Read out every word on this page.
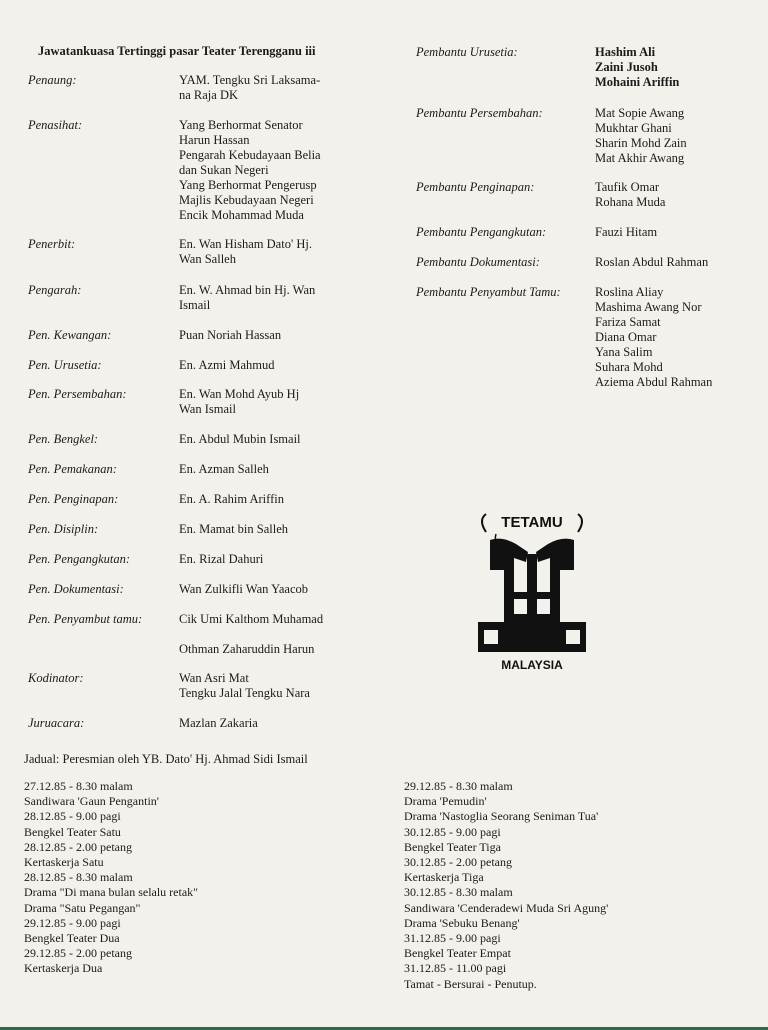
Jawatankuasa Tertinggi pasar Teater Terengganu iii
Penaung:	YAM. Tengku Sri Laksama-
na Raja DK
Penasihat:	Yang Berhormat Senator
Harun Hassan
Pengarah Kebudayaan Belia
dan Sukan Negeri
Yang Berhormat Pengerusp
Majlis Kebudayaan Negeri
Encik Mohammad Muda
Penerbit:	En. Wan Hisham Dato' Hj.
Wan Salleh
Pengarah:	En. W. Ahmad bin Hj. Wan
Ismail
Pen. Kewangan:	Puan Noriah Hassan
Pen. Urusetia:	En. Azmi Mahmud
Pen. Persembahan:	En. Wan Mohd Ayub Hj
Wan Ismail
Pen. Bengkel:	En. Abdul Mubin Ismail
Pen. Pemakanan:	En. Azman Salleh
Pen. Penginapan:	En. A. Rahim Ariffin
Pen. Disiplin:	En. Mamat bin Salleh
Pen. Pengangkutan:	En. Rizal Dahuri
Pen. Dokumentasi:	Wan Zulkifli Wan Yaacob
Pen. Penyambut tamu:	Cik Umi Kalthom Muhamad
Othman Zaharuddin Harun
Kodinator:	Wan Asri Mat
Tengku Jalal Tengku Nara
Juruacara:	Mazlan Zakaria
Pembantu Urusetia:	Hashim Ali
Zaini Jusoh
Mohaini Ariffin
Pembantu Persembahan:	Mat Sopie Awang
Mukhtar Ghani
Sharin Mohd Zain
Mat Akhir Awang
Pembantu Penginapan:	Taufik Omar
Rohana Muda
Pembantu Pengangkutan:	Fauzi Hitam
Pembantu Dokumentasi:	Roslan Abdul Rahman
Pembantu Penyambut Tamu:	Roslina Aliay
Mashima Awang Nor
Fariza Samat
Diana Omar
Yana Salim
Suhara Mohd
Aziema Abdul Rahman
TETAMU
MALAYSIA
Jadual: Peresmian oleh YB. Dato' Hj. Ahmad Sidi Ismail
27.12.85 - 8.30 malam
Sandiwara 'Gaun Pengantin'
28.12.85 - 9.00 pagi
Bengkel Teater Satu
28.12.85 - 2.00 petang
Kertaskerja Satu
28.12.85 - 8.30 malam
Drama "Di mana bulan selalu retak"
Drama "Satu Pegangan"
29.12.85 - 9.00 pagi
Bengkel Teater Dua
29.12.85 - 2.00 petang
Kertaskerja Dua
29.12.85 - 8.30 malam
Drama 'Pemudin'
Drama 'Nastoglia Seorang Seniman Tua'
30.12.85 - 9.00 pagi
Bengkel Teater Tiga
30.12.85 - 2.00 petang
Kertaskerja Tiga
30.12.85 - 8.30 malam
Sandiwara 'Cenderadewi Muda Sri Agung'
Drama 'Sebuku Benang'
31.12.85 - 9.00 pagi
Bengkel Teater Empat
31.12.85 - 11.00 pagi
Tamat - Bersurai - Penutup.
